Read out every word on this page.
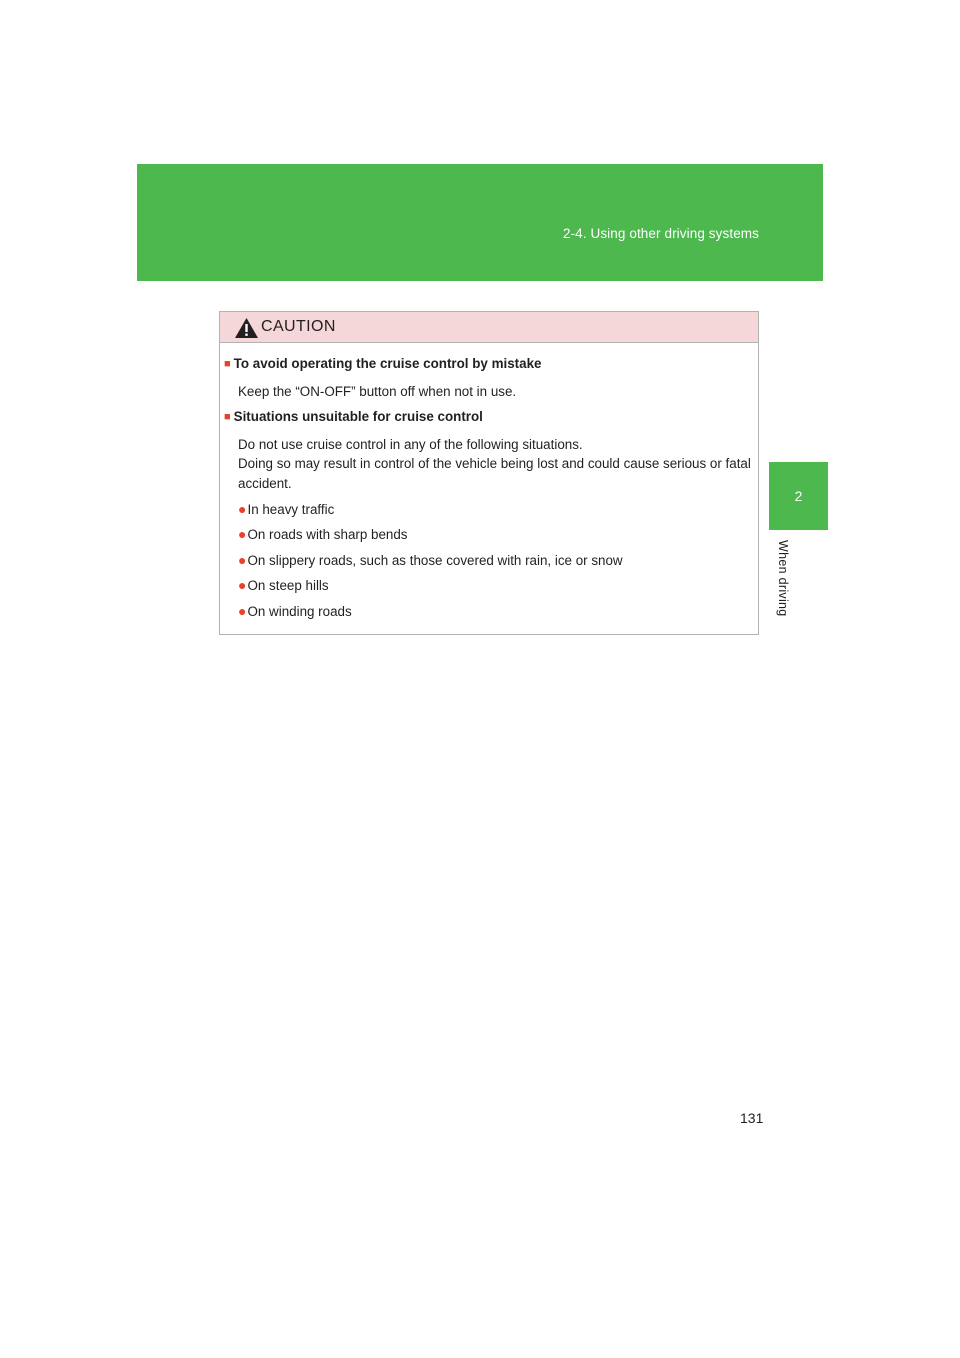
2-4. Using other driving systems
2
When driving
CAUTION
■ To avoid operating the cruise control by mistake
Keep the “ON-OFF” button off when not in use.
■ Situations unsuitable for cruise control
Do not use cruise control in any of the following situations.
Doing so may result in control of the vehicle being lost and could cause serious or fatal accident.
●In heavy traffic
●On roads with sharp bends
●On slippery roads, such as those covered with rain, ice or snow
●On steep hills
●On winding roads
131
